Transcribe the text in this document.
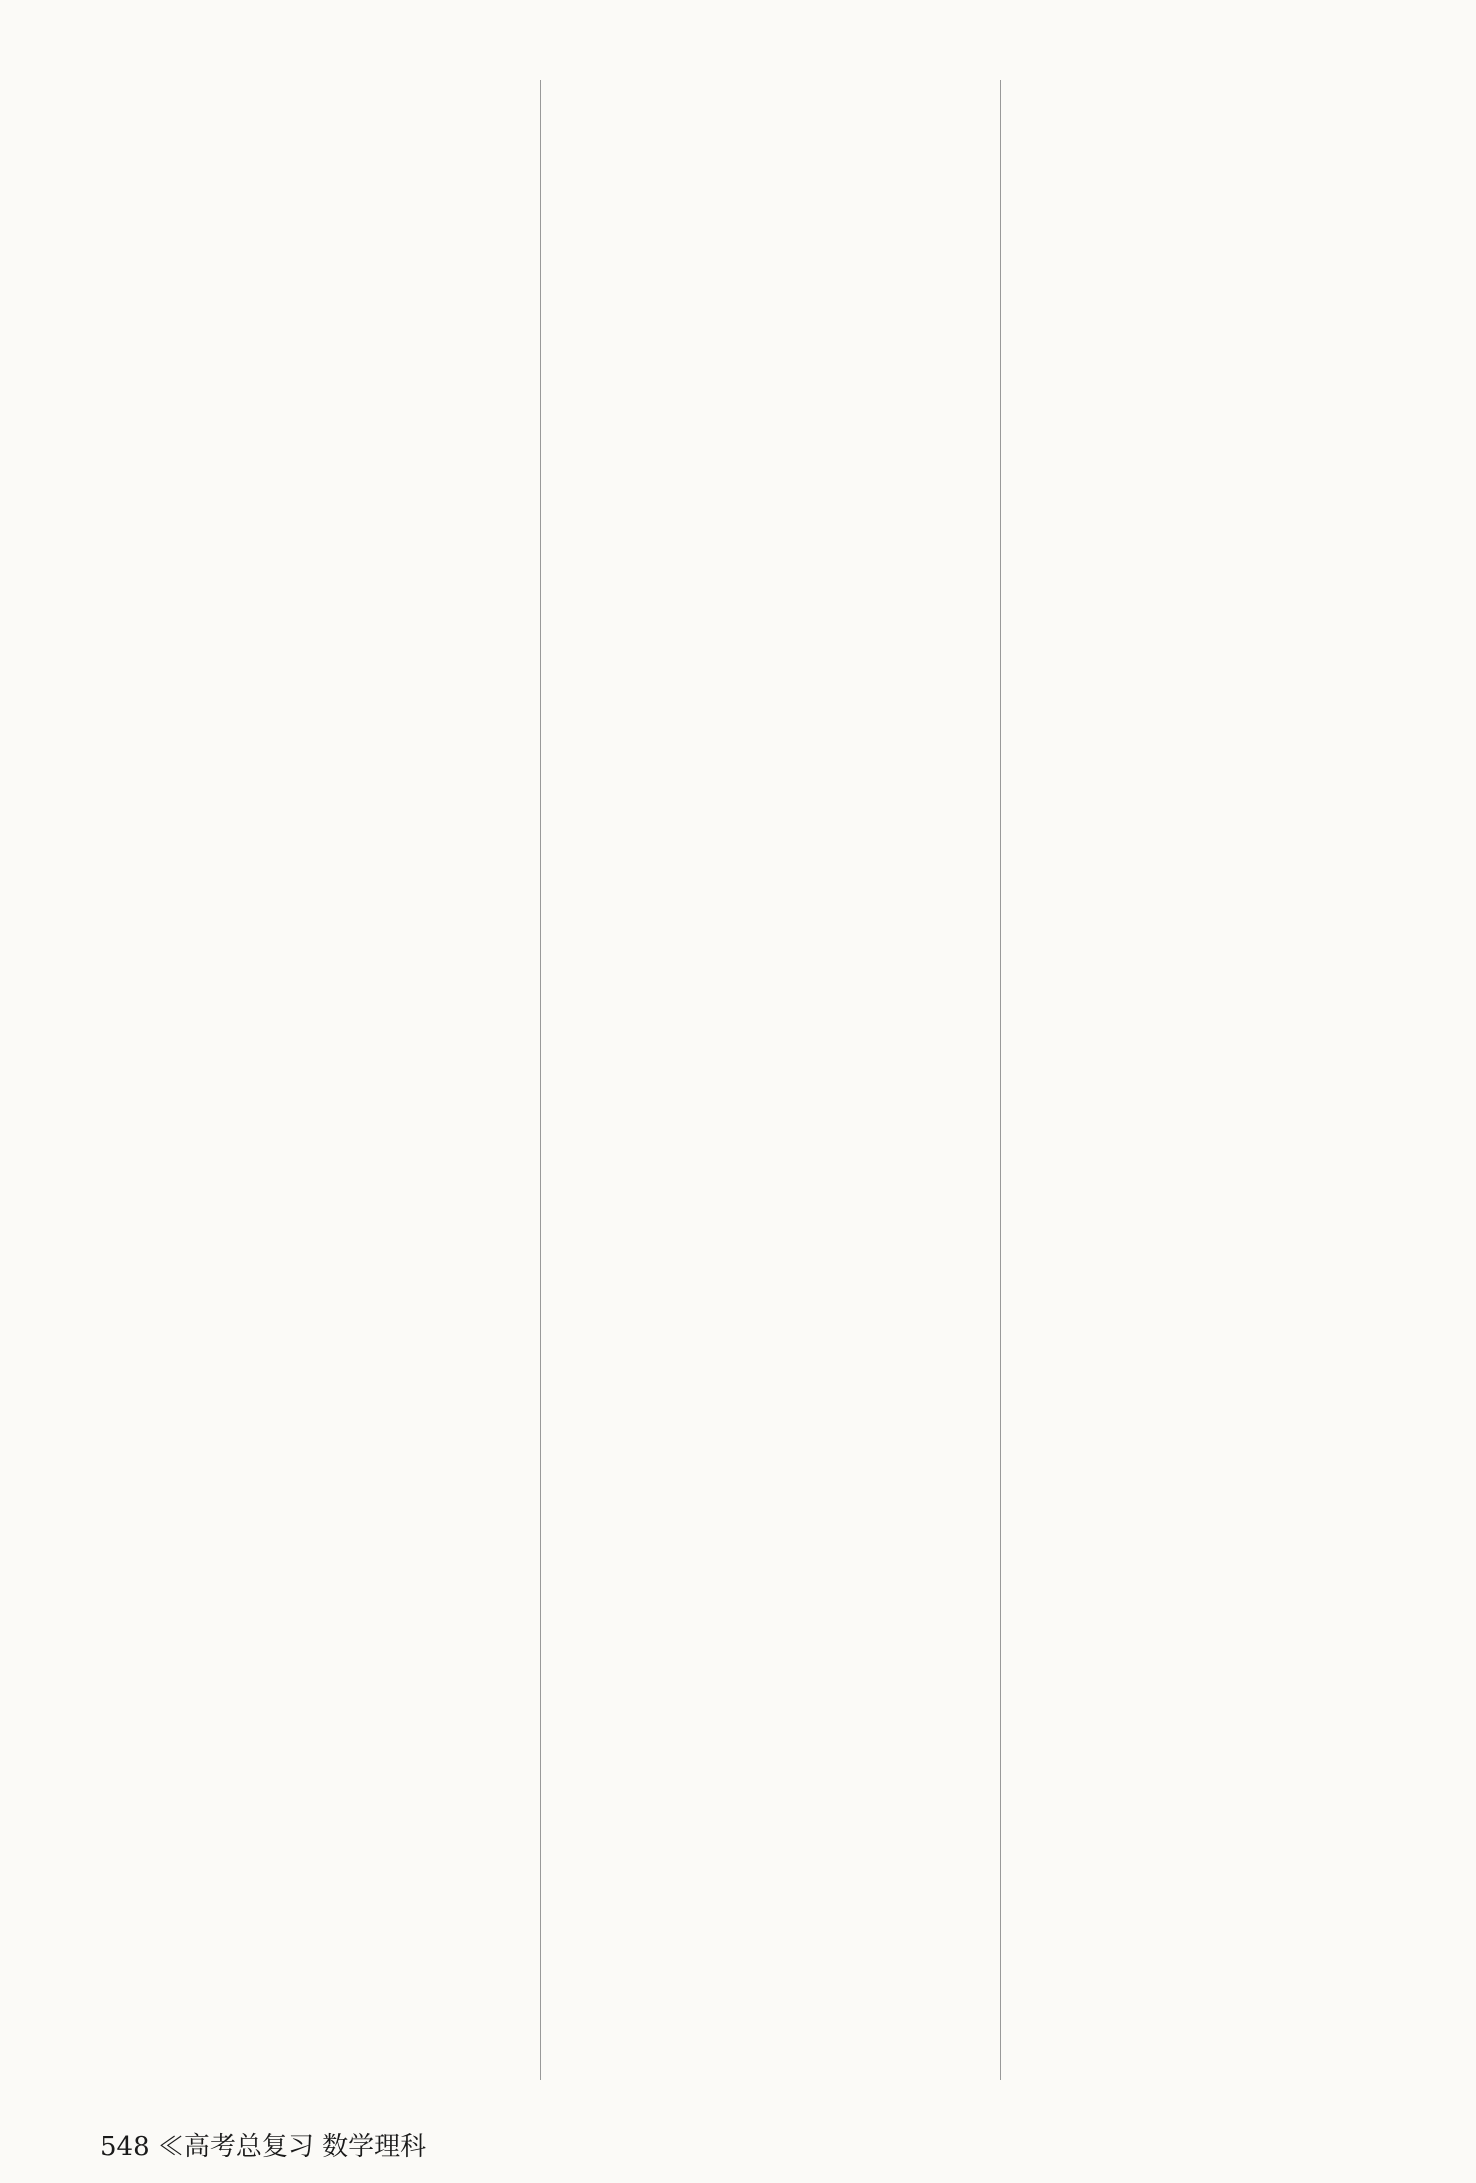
548 ≪高考总复习 数学理科
